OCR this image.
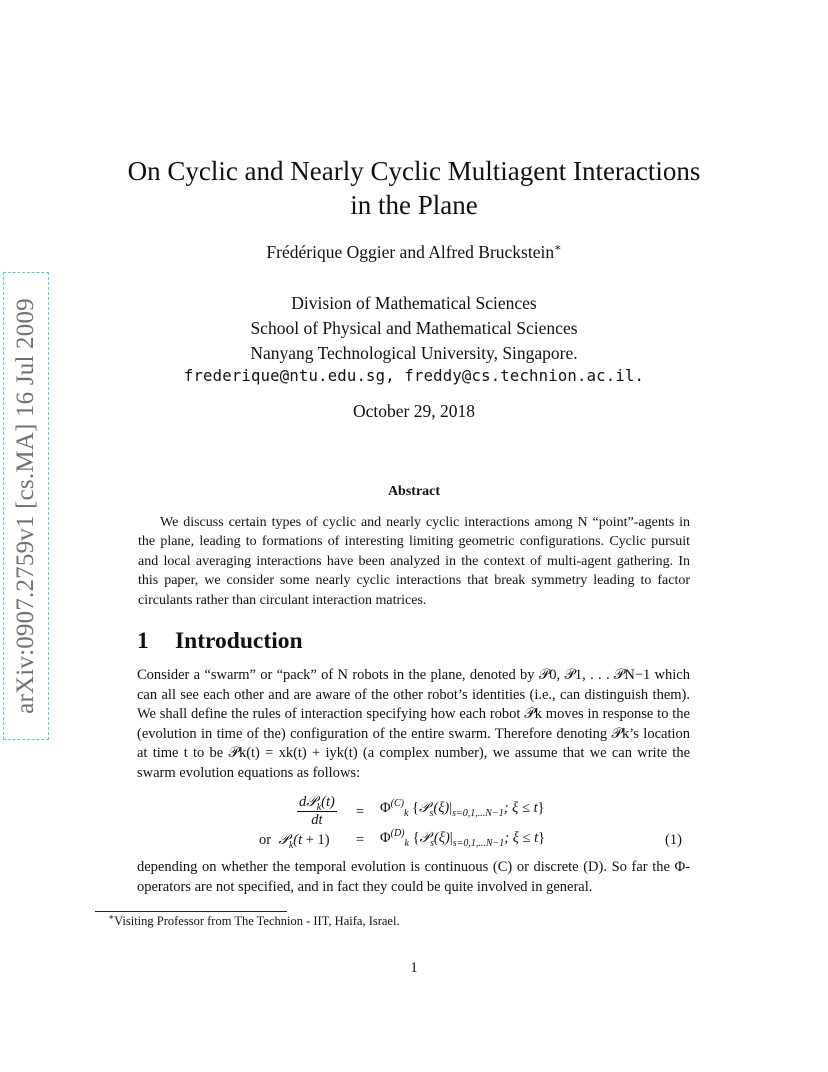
arXiv:0907.2759v1 [cs.MA] 16 Jul 2009
On Cyclic and Nearly Cyclic Multiagent Interactions
in the Plane
Frédérique Oggier and Alfred Bruckstein∗
Division of Mathematical Sciences
School of Physical and Mathematical Sciences
Nanyang Technological University, Singapore.
frederique@ntu.edu.sg, freddy@cs.technion.ac.il.
October 29, 2018
Abstract
We discuss certain types of cyclic and nearly cyclic interactions among N “point”-agents in the plane, leading to formations of interesting limiting geometric configurations. Cyclic pursuit and local averaging interactions have been analyzed in the context of multi-agent gathering. In this paper, we consider some nearly cyclic interactions that break symmetry leading to factor circulants rather than circulant interaction matrices.
1 Introduction
Consider a “swarm” or “pack” of N robots in the plane, denoted by 𝒫0, 𝒫1, . . . 𝒫N−1 which can all see each other and are aware of the other robot’s identities (i.e., can distinguish them). We shall define the rules of interaction specifying how each robot 𝒫k moves in response to the (evolution in time of the) configuration of the entire swarm. Therefore denoting 𝒫k’s location at time t to be 𝒫k(t) = xk(t) + iyk(t) (a complex number), we assume that we can write the swarm evolution equations as follows:
$\frac{d𝒫_k(t)}{dt} = \Phi^{(C)}_k$ {$𝒫_s(\xi)|_{s=0,1,...N-1}$; ξ ≤ t}
or  𝒫$_k$(t + $1) = \Phi^{(D)}_k$ {$𝒫_s(\xi)|_{s=0,1,...N-1}$; ξ ≤ t}	(1)
depending on whether the temporal evolution is continuous (C) or discrete (D). So far the Φ-operators are not specified, and in fact they could be quite involved in general.
∗Visiting Professor from The Technion - IIT, Haifa, Israel.
1
